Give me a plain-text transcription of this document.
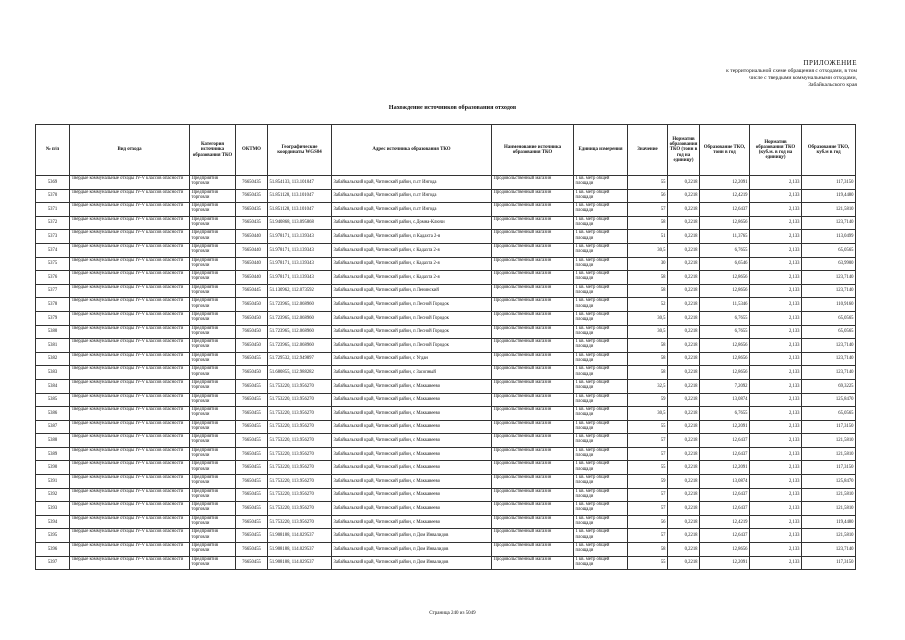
ПРИЛОЖЕНИЕ
к территориальной схеме обращения с отходами, в том
числе с твердыми коммунальными отходами,
Забайкальского края
Нахождение источников образования отходов
№ п/п	Вид отхода	Категория источника образования ТКО	ОКТМО	Географические координаты WGS84	Адрес источника образования ТКО	Наименование источника образования ТКО	Единица измерения	Значение	Норматив образования ТКО (тонн в год на единицу)	Образование ТКО, тонн в год	Норматив образования ТКО (куб.м. в год на единицу)	Образование ТКО, куб.м в год
5369	Твёрдые коммунальные отходы IV-V классов опасности	Предприятия торговли	76650435	51.854133, 113.101047	Забайкальский край, Читинский район, п.ст Ингода	Продовольственный магазин	1 кв. метр общей площади	55	0,2218	12,2091	2,133	117,3150
5370	Твёрдые коммунальные отходы IV-V классов опасности	Предприятия торговли	76650435	51.851128, 113.101047	Забайкальский край, Читинский район, п.ст Ингода	Продовольственный магазин	1 кв. метр общей площади	56	0,2218	12,4219	2,133	119,4480
5371	Твёрдые коммунальные отходы IV-V классов опасности	Предприятия торговли	76650435	51.851128, 113.101047	Забайкальский край, Читинский район, п.ст Ингода	Продовольственный магазин	1 кв. метр общей площади	57	0,2218	12,6437	2,133	121,5810
5372	Твёрдые коммунальные отходы IV-V классов опасности	Предприятия торговли	76650435	51.940868, 113.095868	Забайкальский край, Читинский район, с.Домна-Ключи	Продовольственный магазин	1 кв. метр общей площади	58	0,2218	12,8656	2,133	123,7140
5373	Твёрдые коммунальные отходы IV-V классов опасности	Предприятия торговли	76650440	51.978171, 113.139343	Забайкальский край, Читинский район, п Кадахта 2-я	Продовольственный магазин	1 кв. метр общей площади	51	0,2218	11,3765	2,133	113,0499
5374	Твёрдые коммунальные отходы IV-V классов опасности	Предприятия торговли	76650440	51.978171, 113.139343	Забайкальский край, Читинский район, с Кадахта 2-я	Продовольственный магазин	1 кв. метр общей площади	30,5	0,2218	6,7655	2,133	65,0565
5375	Твёрдые коммунальные отходы IV-V классов опасности	Предприятия торговли	76650440	51.978171, 113.139343	Забайкальский край, Читинский район, с Кадахта 2-я	Продовольственный магазин	1 кв. метр общей площади	30	0,2218	6,6546	2,133	63,9900
5376	Твёрдые коммунальные отходы IV-V классов опасности	Предприятия торговли	76650440	51.978171, 113.139343	Забайкальский край, Читинский район, с Кадахта 2-я	Продовольственный магазин	1 кв. метр общей площади	58	0,2218	12,8656	2,133	123,7140
5377	Твёрдые коммунальные отходы IV-V классов опасности	Предприятия торговли	76650445	51.130962, 112.073592	Забайкальский край, Читинский район, п Ленинский	Продовольственный магазин	1 кв. метр общей площади	58	0,2218	12,8656	2,133	123,7140
5378	Твёрдые коммунальные отходы IV-V классов опасности	Предприятия торговли	76650450	51.723965, 112.068960	Забайкальский край, Читинский район, п Лесной Городок	Продовольственный магазин	1 кв. метр общей площади	52	0,2218	11,5346	2,133	110,9160
5379	Твёрдые коммунальные отходы IV-V классов опасности	Предприятия торговли	76650450	51.723965, 112.068960	Забайкальский край, Читинский район, п Лесной Городок	Продовольственный магазин	1 кв. метр общей площади	30,5	0,2218	6,7655	2,133	65,0565
5380	Твёрдые коммунальные отходы IV-V классов опасности	Предприятия торговли	76650450	51.723965, 112.068960	Забайкальский край, Читинский район, п Лесной Городок	Продовольственный магазин	1 кв. метр общей площади	30,5	0,2218	6,7655	2,133	65,0565
5381	Твёрдые коммунальные отходы IV-V классов опасности	Предприятия торговли	76650450	51.723965, 112.068960	Забайкальский край, Читинский район, п Лесной Городок	Продовольственный магазин	1 кв. метр общей площади	58	0,2218	12,8656	2,133	123,7140
5382	Твёрдые коммунальные отходы IV-V классов опасности	Предприятия торговли	76650455	51.729532, 112.949897	Забайкальский край, Читинский район, с Угдан	Продовольственный магазин	1 кв. метр общей площади	58	0,2218	12,8656	2,133	123,7140
5383	Твёрдые коммунальные отходы IV-V классов опасности	Предприятия торговли	76650450	51.680855, 112.988282	Забайкальский край, Читинский район, с Засопный	Продовольственный магазин	1 кв. метр общей площади	58	0,2218	12,8656	2,133	123,7140
5384	Твёрдые коммунальные отходы IV-V классов опасности	Предприятия торговли	76650455	51.753220, 113.956270	Забайкальский край, Читинский район, с Маккавеево	Продовольственный магазин	1 кв. метр общей площади	32,5	0,2218	7,2092	2,133	69,3225
5385	Твёрдые коммунальные отходы IV-V классов опасности	Предприятия торговли	76650455	51.753220, 113.956270	Забайкальский край, Читинский район, с Маккавеево	Продовольственный магазин	1 кв. метр общей площади	59	0,2218	13,0874	2,133	125,8470
5386	Твёрдые коммунальные отходы IV-V классов опасности	Предприятия торговли	76650455	51.753220, 113.956270	Забайкальский край, Читинский район, с Маккавеево	Продовольственный магазин	1 кв. метр общей площади	30,5	0,2218	6,7655	2,133	65,0565
5387	Твёрдые коммунальные отходы IV-V классов опасности	Предприятия торговли	76650455	51.753220, 113.956270	Забайкальский край, Читинский район, с Маккавеево	Продовольственный магазин	1 кв. метр общей площади	55	0,2218	12,2091	2,133	117,3150
5388	Твёрдые коммунальные отходы IV-V классов опасности	Предприятия торговли	76650455	51.753220, 113.956270	Забайкальский край, Читинский район, с Маккавеево	Продовольственный магазин	1 кв. метр общей площади	57	0,2218	12,6437	2,133	121,5810
5389	Твёрдые коммунальные отходы IV-V классов опасности	Предприятия торговли	76650455	51.753220, 113.956270	Забайкальский край, Читинский район, с Маккавеево	Продовольственный магазин	1 кв. метр общей площади	57	0,2218	12,6437	2,133	121,5810
5390	Твёрдые коммунальные отходы IV-V классов опасности	Предприятия торговли	76650455	51.753220, 113.956270	Забайкальский край, Читинский район, с Маккавеево	Продовольственный магазин	1 кв. метр общей площади	55	0,2218	12,2091	2,133	117,3150
5391	Твёрдые коммунальные отходы IV-V классов опасности	Предприятия торговли	76650455	51.753220, 113.956270	Забайкальский край, Читинский район, с Маккавеево	Продовольственный магазин	1 кв. метр общей площади	59	0,2218	13,0874	2,133	125,8470
5392	Твёрдые коммунальные отходы IV-V классов опасности	Предприятия торговли	76650455	51.753220, 113.956270	Забайкальский край, Читинский район, с Маккавеево	Продовольственный магазин	1 кв. метр общей площади	57	0,2218	12,6437	2,133	121,5810
5393	Твёрдые коммунальные отходы IV-V классов опасности	Предприятия торговли	76650455	51.753220, 113.956270	Забайкальский край, Читинский район, с Маккавеево	Продовольственный магазин	1 кв. метр общей площади	57	0,2218	12,6437	2,133	121,5810
5394	Твёрдые коммунальные отходы IV-V классов опасности	Предприятия торговли	76650455	51.753220, 113.956270	Забайкальский край, Читинский район, с Маккавеево	Продовольственный магазин	1 кв. метр общей площади	56	0,2218	12,4219	2,133	119,4480
5395	Твёрдые коммунальные отходы IV-V классов опасности	Предприятия торговли	76650455	51.908188, 114.029537	Забайкальский край, Читинский район, п Дом Инвалидов	Продовольственный магазин	1 кв. метр общей площади	57	0,2218	12,6437	2,133	121,5810
5396	Твёрдые коммунальные отходы IV-V классов опасности	Предприятия торговли	76650455	51.908188, 114.029537	Забайкальский край, Читинский район, п Дом Инвалидов	Продовольственный магазин	1 кв. метр общей площади	58	0,2218	12,8656	2,133	123,7140
5397	Твёрдые коммунальные отходы IV-V классов опасности	Предприятия торговли	76650455	51.908188, 114.029537	Забайкальский край, Читинский район, п Дом Инвалидов	Продовольственный магазин	1 кв. метр общей площади	55	0,2218	12,2091	2,133	117,3150
Страница 240 из 5049
